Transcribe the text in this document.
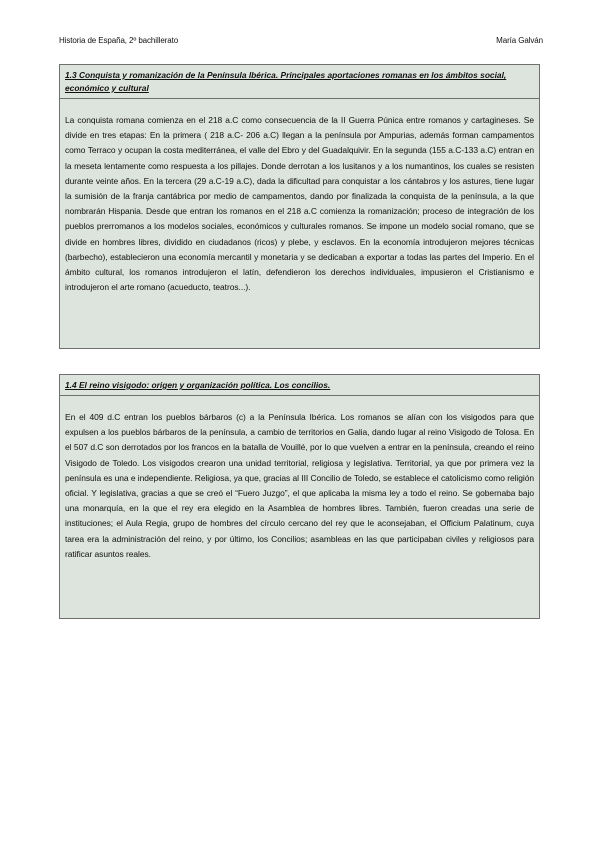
Historia de España, 2º bachillerato	María Galván
1.3 Conquista y romanización de la Península Ibérica. Principales aportaciones romanas en los ámbitos social, económico y cultural
La conquista romana comienza en el 218 a.C como consecuencia de la II Guerra Púnica entre romanos y cartagineses. Se divide en tres etapas: En la primera ( 218 a.C- 206 a.C) llegan a la península por Ampurias, además forman campamentos como Terraco y ocupan la costa mediterránea, el valle del Ebro y del Guadalquivir. En la segunda (155 a.C-133 a.C) entran en la meseta lentamente como respuesta a los pillajes. Donde derrotan a los lusitanos y a los numantinos, los cuales se resisten durante veinte años. En la tercera (29 a.C-19 a.C), dada la dificultad para conquistar a los cántabros y los astures, tiene lugar la sumisión de la franja cantábrica por medio de campamentos, dando por finalizada la conquista de la península, a la que nombrarán Hispania. Desde que entran los romanos en el 218 a.C comienza la romanización; proceso de integración de los pueblos prerromanos a los modelos sociales, económicos y culturales romanos. Se impone un modelo social romano, que se divide en hombres libres, dividido en ciudadanos (ricos) y plebe, y esclavos. En la economía introdujeron mejores técnicas (barbecho), establecieron una economía mercantil y monetaria y se dedicaban a exportar a todas las partes del Imperio. En el ámbito cultural, los romanos introdujeron el latín, defendieron los derechos individuales, impusieron el Cristianismo e introdujeron el arte romano (acueducto, teatros...).
1.4 El reino visigodo: origen y organización política. Los concilios.
En el 409 d.C entran los pueblos bárbaros (c) a la Península Ibérica. Los romanos se alían con los visigodos para que expulsen a los pueblos bárbaros de la península, a cambio de territorios en Galia, dando lugar al reino Visigodo de Tolosa. En el 507 d.C son derrotados por los francos en la batalla de Vouillé, por lo que vuelven a entrar en la península, creando el reino Visigodo de Toledo. Los visigodos crearon una unidad territorial, religiosa y legislativa. Territorial, ya que por primera vez la península es una e independiente. Religiosa, ya que, gracias al III Concilio de Toledo, se establece el catolicismo como religión oficial. Y legislativa, gracias a que se creó el “Fuero Juzgo”, el que aplicaba la misma ley a todo el reino. Se gobernaba bajo una monarquía, en la que el rey era elegido en la Asamblea de hombres libres. También, fueron creadas una serie de instituciones; el Aula Regia, grupo de hombres del círculo cercano del rey que le aconsejaban, el Officium Palatinum, cuya tarea era la administración del reino, y por último, los Concilios; asambleas en las que participaban civiles y religiosos para ratificar asuntos reales.
